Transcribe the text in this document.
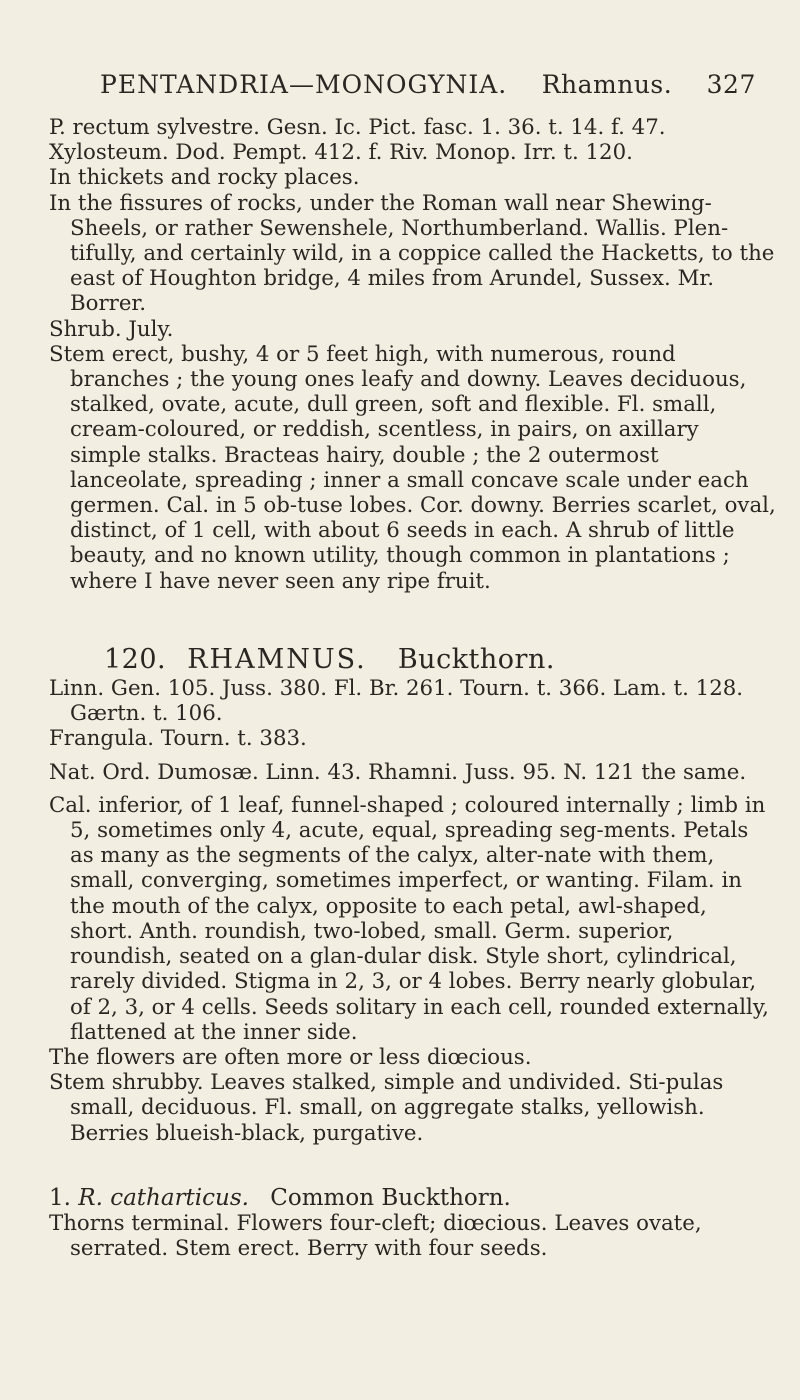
PENTANDRIA—MONOGYNIA. Rhamnus. 327

P. rectum sylvestre. Gesn. Ic. Pict. fasc. 1. 36. t. 14. f. 47.

Xylosteum. Dod. Pempt. 412. f. Riv. Monop. Irr. t. 120.

In thickets and rocky places.

In the fissures of rocks, under the Roman wall near Shewing-Sheels, or rather Sewenshele, Northumberland. Wallis. Plen-tifully, and certainly wild, in a coppice called the Hacketts, to the east of Houghton bridge, 4 miles from Arundel, Sussex. Mr. Borrer.

Shrub. July.

Stem erect, bushy, 4 or 5 feet high, with numerous, round branches ; the young ones leafy and downy. Leaves deciduous, stalked, ovate, acute, dull green, soft and flexible. Fl. small, cream-coloured, or reddish, scentless, in pairs, on axillary simple stalks. Bracteas hairy, double ; the 2 outermost lanceolate, spreading ; inner a small concave scale under each germen. Cal. in 5 ob-tuse lobes. Cor. downy. Berries scarlet, oval, distinct, of 1 cell, with about 6 seeds in each. A shrub of little beauty, and no known utility, though common in plantations ; where I have never seen any ripe fruit.

120. RHAMNUS. Buckthorn.

Linn. Gen. 105. Juss. 380. Fl. Br. 261. Tourn. t. 366. Lam. t. 128. Gærtn. t. 106.

Frangula. Tourn. t. 383.

Nat. Ord. Dumosæ. Linn. 43. Rhamni. Juss. 95. N. 121 the same.

Cal. inferior, of 1 leaf, funnel-shaped ; coloured internally ; limb in 5, sometimes only 4, acute, equal, spreading seg-ments. Petals as many as the segments of the calyx, alter-nate with them, small, converging, sometimes imperfect, or wanting. Filam. in the mouth of the calyx, opposite to each petal, awl-shaped, short. Anth. roundish, two-lobed, small. Germ. superior, roundish, seated on a glan-dular disk. Style short, cylindrical, rarely divided. Stigma in 2, 3, or 4 lobes. Berry nearly globular, of 2, 3, or 4 cells. Seeds solitary in each cell, rounded externally, flattened at the inner side.

The flowers are often more or less diœcious.

Stem shrubby. Leaves stalked, simple and undivided. Sti-pulas small, deciduous. Fl. small, on aggregate stalks, yellowish. Berries blueish-black, purgative.

1. R. catharticus. Common Buckthorn.

Thorns terminal. Flowers four-cleft; diœcious. Leaves ovate, serrated. Stem erect. Berry with four seeds.
